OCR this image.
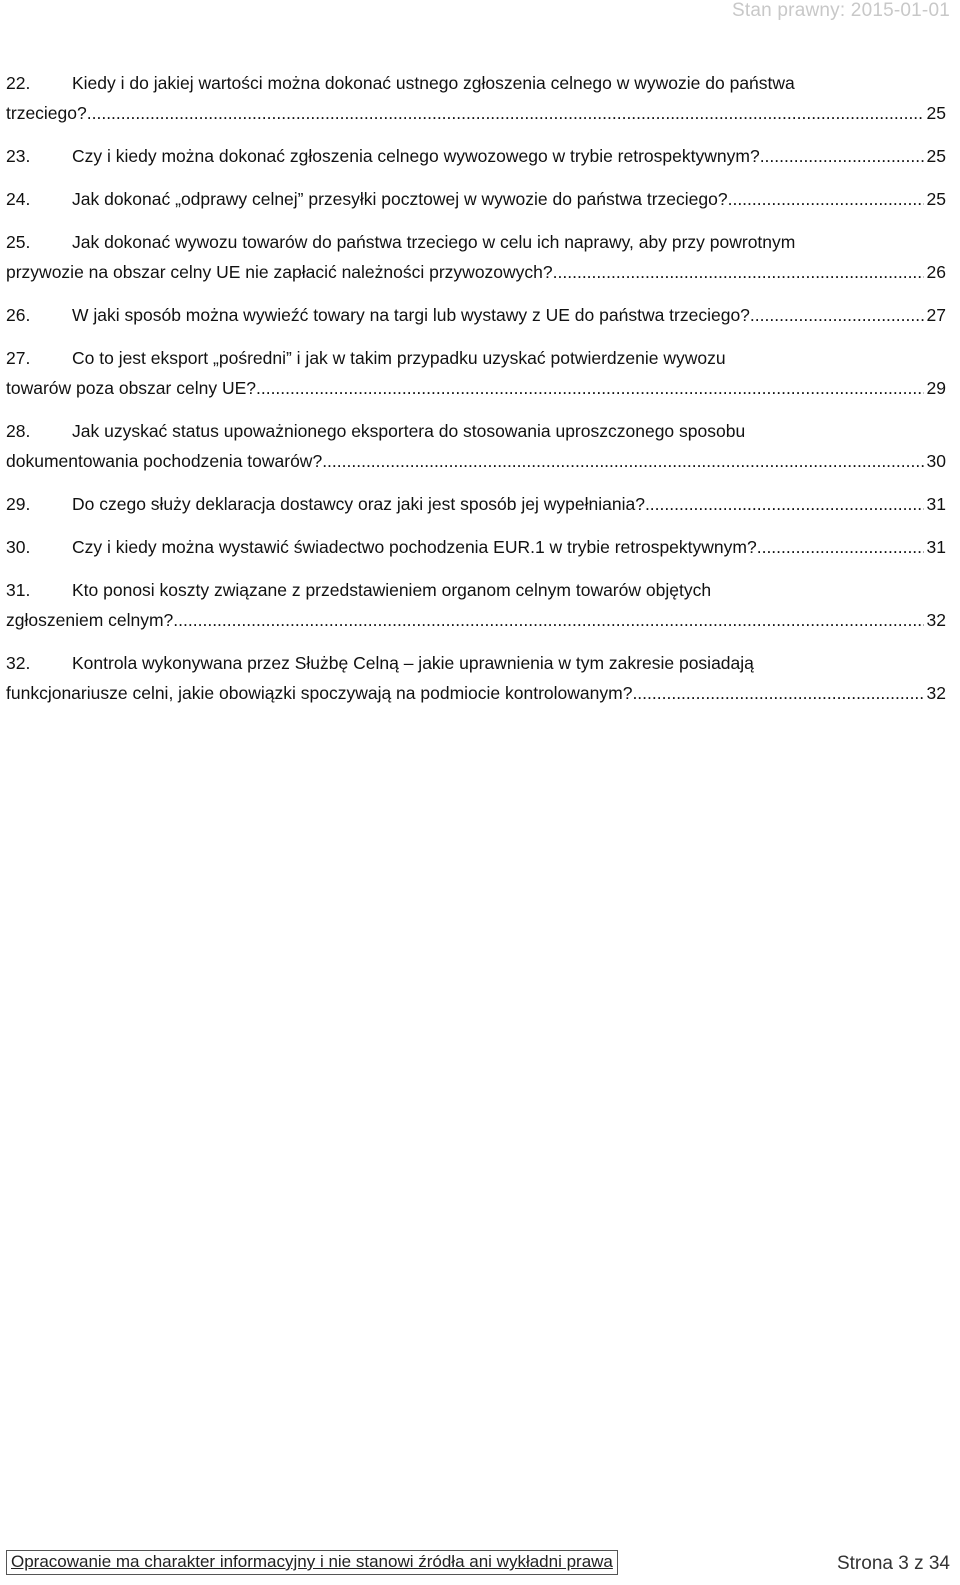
Stan prawny: 2015-01-01
22.	Kiedy i do jakiej wartości można dokonać ustnego zgłoszenia celnego w wywozie do państwa
trzeciego? .....	25
23.	Czy i kiedy można dokonać zgłoszenia celnego wywozowego w trybie retrospektywnym? .....	25
24.	Jak dokonać „odprawy celnej” przesyłki pocztowej w wywozie do państwa trzeciego? .....	25
25.	Jak dokonać wywozu towarów do państwa trzeciego w celu ich naprawy, aby przy powrotnym
przywozie na obszar celny UE nie zapłacić należności przywozowych? .....	26
26.	W jaki sposób można wywieźć towary na targi lub wystawy z UE do państwa trzeciego? .....	27
27.	Co to jest eksport „pośredni” i jak w takim przypadku uzyskać potwierdzenie wywozu
towarów poza obszar celny UE? .....	29
28.	Jak uzyskać status upoważnionego eksportera do stosowania uproszczonego sposobu
dokumentowania pochodzenia towarów? .....	30
29.	Do czego służy deklaracja dostawcy oraz jaki jest sposób jej wypełniania? .....	31
30.	Czy i kiedy można wystawić świadectwo pochodzenia EUR.1 w trybie retrospektywnym? .....	31
31.	Kto ponosi koszty związane z przedstawieniem organom celnym towarów objętych
zgłoszeniem celnym? .....	32
32.	Kontrola wykonywana przez Służbę Celną – jakie uprawnienia w tym zakresie posiadają
funkcjonariusze celni, jakie obowiązki spoczywają na podmiocie kontrolowanym? .....	32
Opracowanie ma charakter informacyjny i nie stanowi źródła ani wykładni prawa	Strona 3 z 34
